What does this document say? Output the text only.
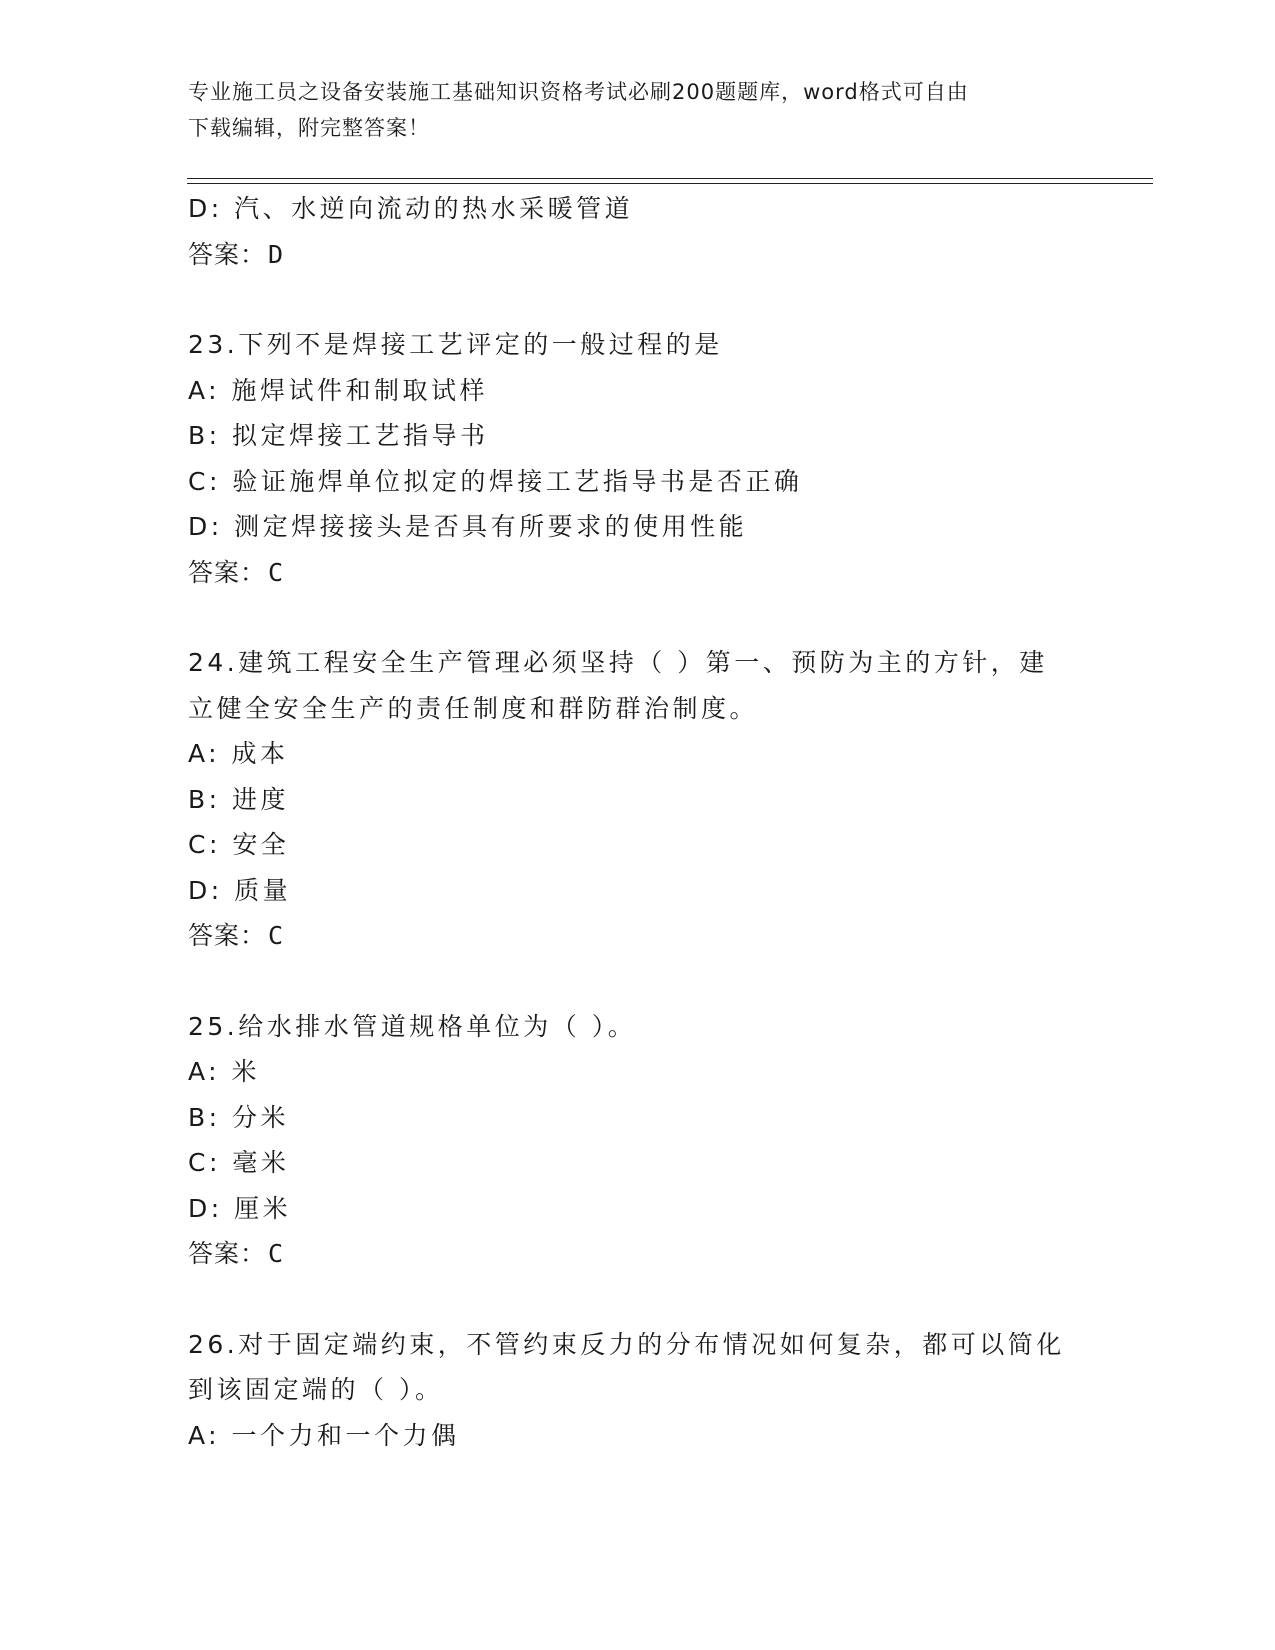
专业施工员之设备安装施工基础知识资格考试必刷200题题库，word格式可自由
下载编辑，附完整答案！
D: 汽、水逆向流动的热水采暖管道
答案：D
23.下列不是焊接工艺评定的一般过程的是
A: 施焊试件和制取试样
B: 拟定焊接工艺指导书
C: 验证施焊单位拟定的焊接工艺指导书是否正确
D: 测定焊接接头是否具有所要求的使用性能
答案：C
24.建筑工程安全生产管理必须坚持（ ）第一、预防为主的方针，建
立健全安全生产的责任制度和群防群治制度。
A: 成本
B: 进度
C: 安全
D: 质量
答案：C
25.给水排水管道规格单位为（ ）。
A: 米
B: 分米
C: 毫米
D: 厘米
答案：C
26.对于固定端约束，不管约束反力的分布情况如何复杂，都可以简化
到该固定端的（ ）。
A: 一个力和一个力偶
